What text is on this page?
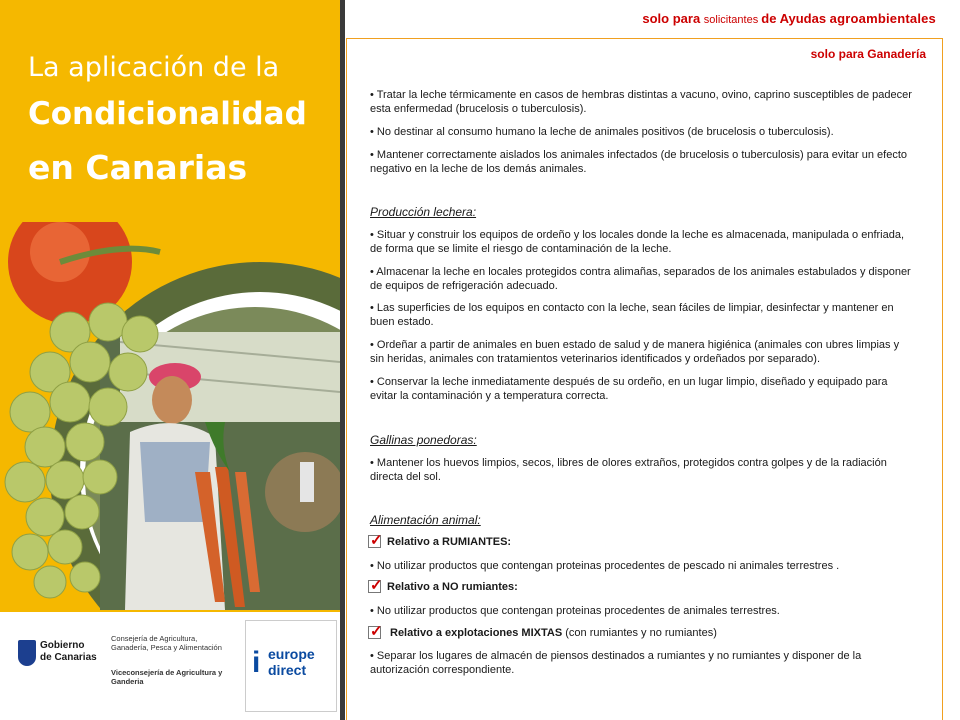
La aplicación de la
Condicionalidad
en Canarias
Gobierno
de Canarias
Consejería de Agricultura, Ganadería, Pesca y Alimentación
Viceconsejería de Agricultura y Ganderia
i europe
direct
solo para solicitantes de Ayudas agroambientales
solo para Ganadería
• Tratar la leche térmicamente en casos de hembras distintas a vacuno, ovino, caprino susceptibles de padecer esta enfermedad (brucelosis o tuberculosis).
• No destinar al consumo humano la leche de animales positivos (de brucelosis o tuberculosis).
• Mantener correctamente aislados los animales infectados (de brucelosis o tuberculosis) para evitar un efecto negativo en la leche de los demás animales.
Producción lechera:
• Situar y construir los equipos de ordeño y los locales donde la leche es almacenada, manipulada o enfriada, de forma que se limite el riesgo de contaminación de la leche.
• Almacenar la leche en locales protegidos contra alimañas, separados de los animales estabulados y disponer de equipos de refrigeración adecuado.
• Las superficies de los equipos en contacto con la leche, sean fáciles de limpiar, desinfectar y mantener en buen estado.
• Ordeñar a partir de animales en buen estado de salud y de manera higiénica (animales con ubres limpias y sin heridas, animales con tratamientos veterinarios identificados y ordeñados por separado).
• Conservar la leche inmediatamente después de su ordeño, en un lugar limpio, diseñado y equipado para evitar la contaminación y a temperatura correcta.
Gallinas ponedoras:
• Mantener los huevos limpios, secos, libres de olores extraños, protegidos contra golpes y de la radiación directa del sol.
Alimentación animal:
✓
Relativo a RUMIANTES:
• No utilizar productos que contengan proteinas procedentes de pescado ni animales terrestres .
✓
Relativo a NO rumiantes:
• No utilizar productos que contengan proteinas procedentes de animales terrestres.
✓
Relativo a explotaciones MIXTAS (con rumiantes y no rumiantes)
• Separar los lugares de almacén de piensos destinados a rumiantes y no rumiantes y disponer de la autorización correspondiente.
